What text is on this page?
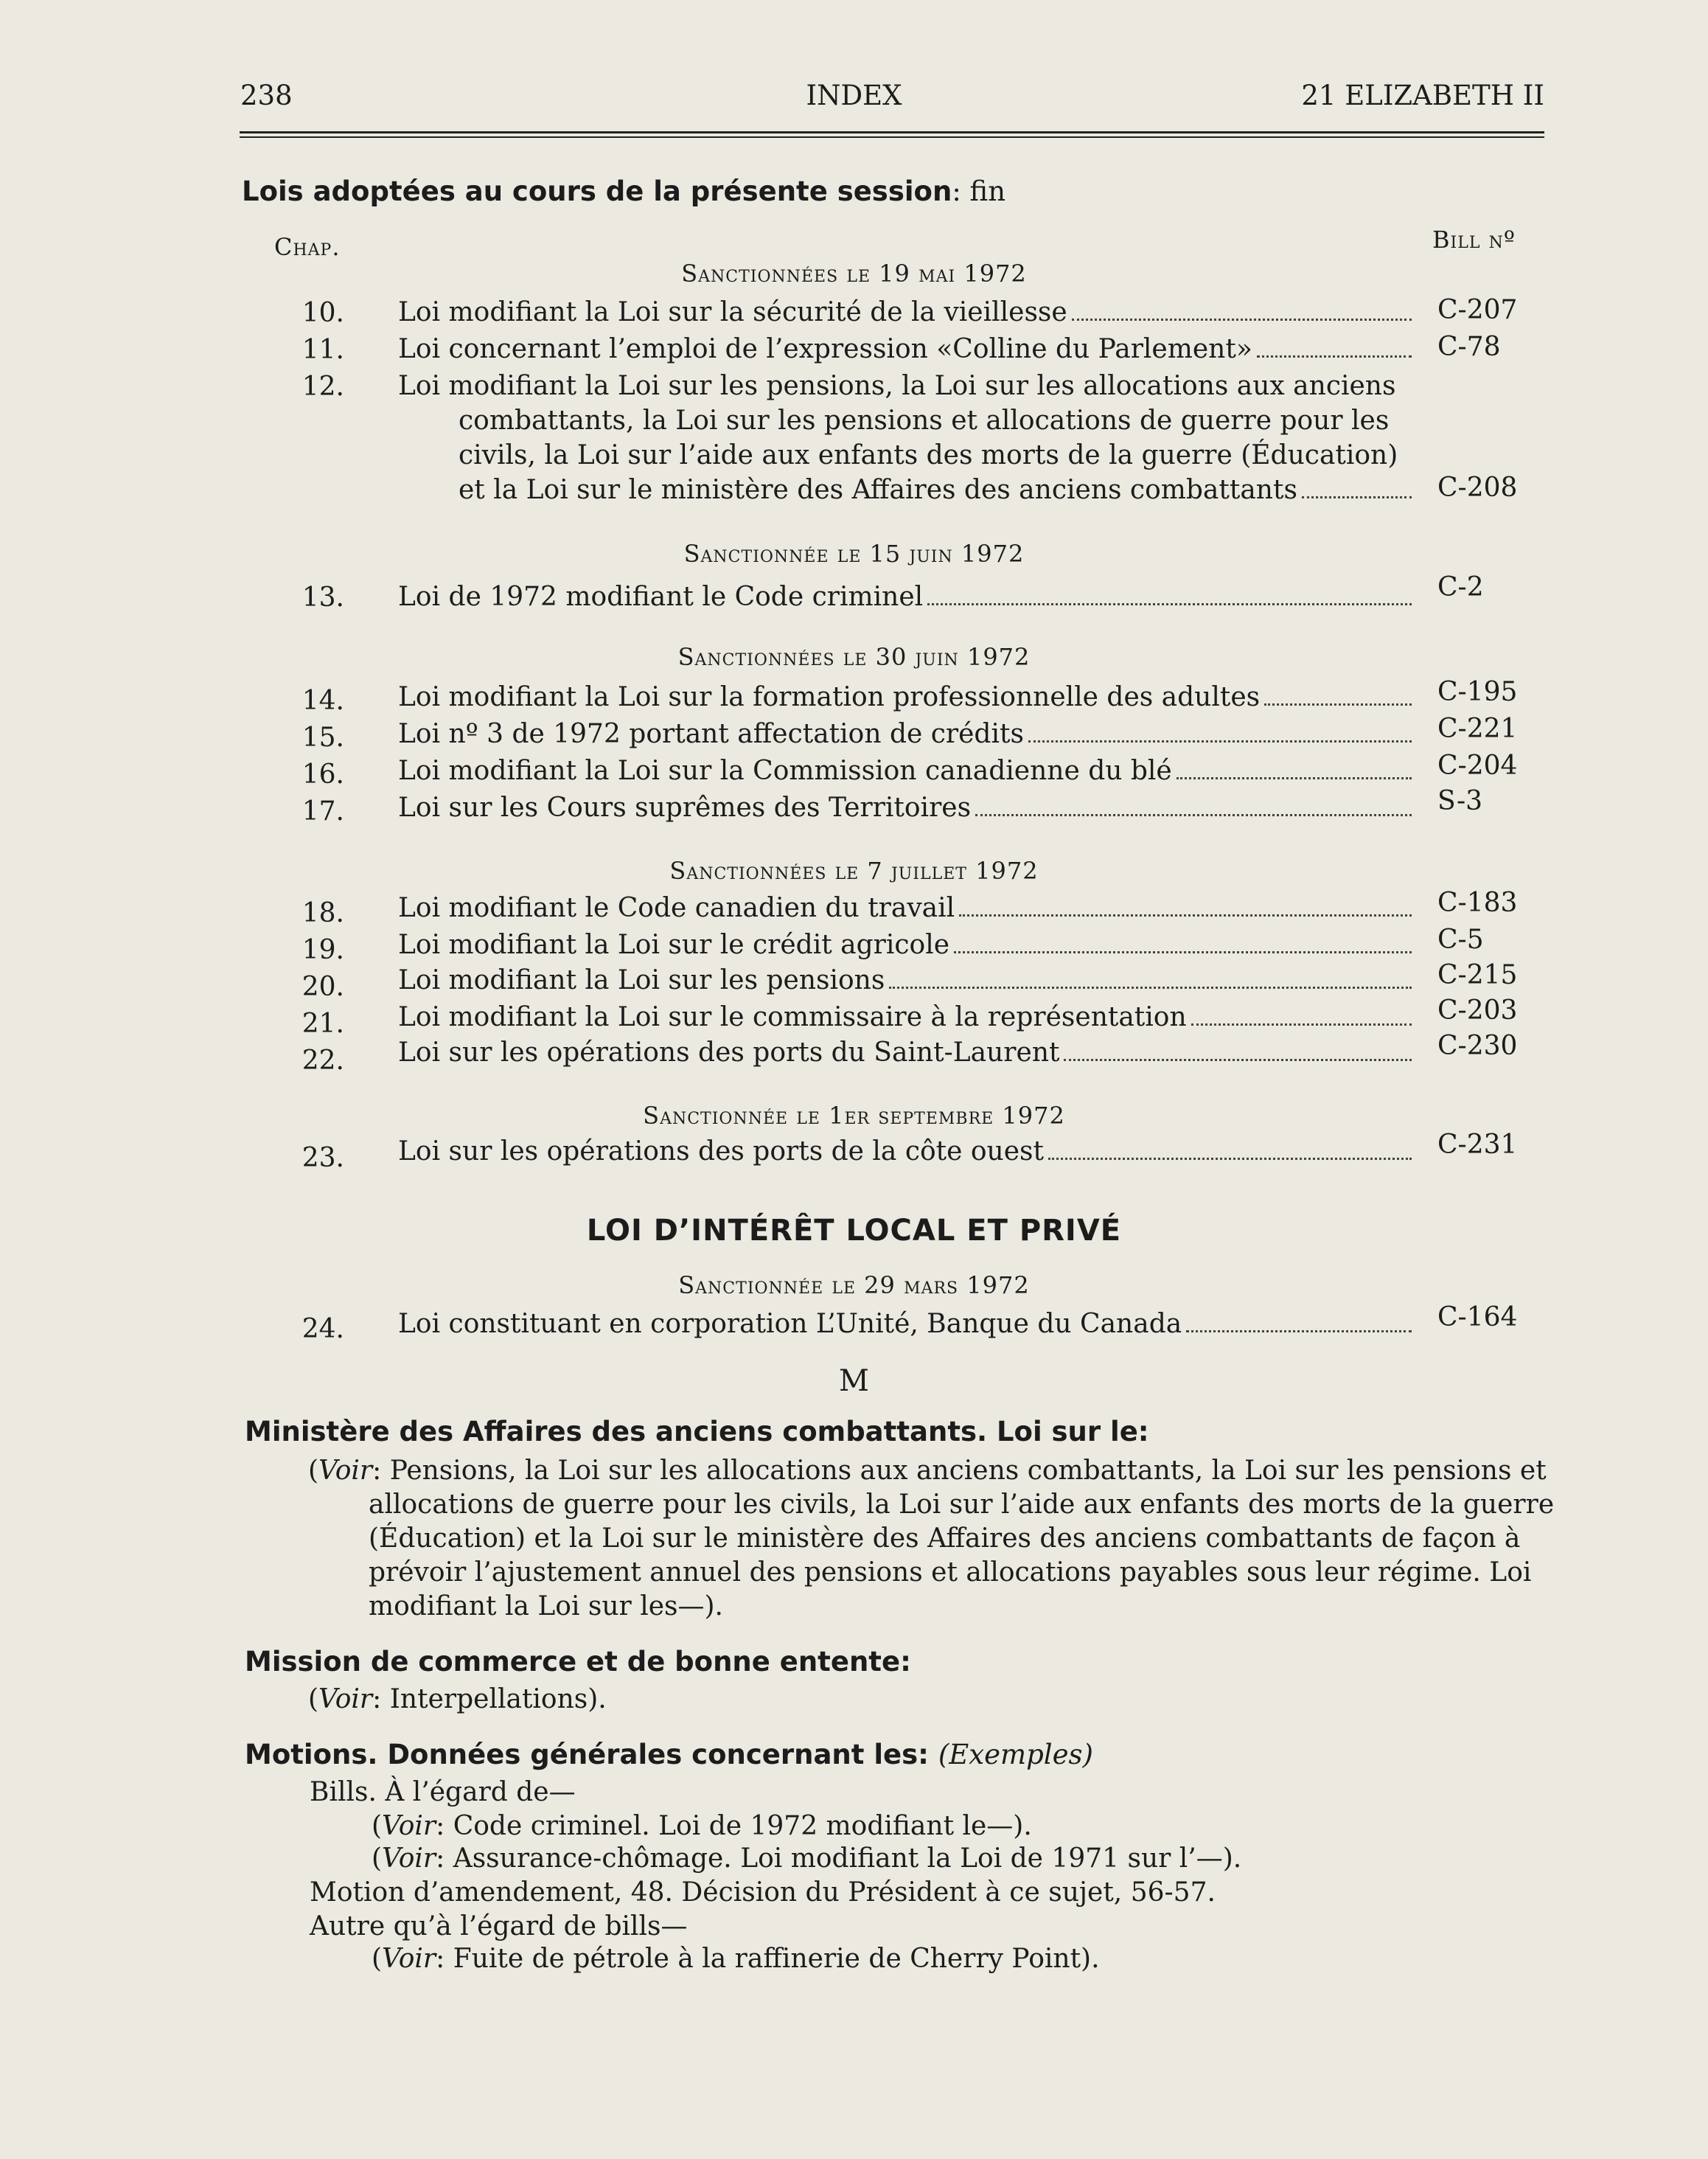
238	INDEX	21 ELIZABETH II
Lois adoptées au cours de la présente session: fin
Chap.	Bill nº
Sanctionnées le 19 mai 1972
Sanctionnée le 15 juin 1972
Sanctionnées le 30 juin 1972
Sanctionnées le 7 juillet 1972
Sanctionnée le 1er septembre 1972
10. Loi modifiant la Loi sur la sécurité de la vieillesse	C-207
11. Loi concernant l’emploi de l’expression «Colline du Parlement»	C-78
12. Loi modifiant la Loi sur les pensions, la Loi sur les allocations aux anciens
combattants, la Loi sur les pensions et allocations de guerre pour les
civils, la Loi sur l’aide aux enfants des morts de la guerre (Éducation)
et la Loi sur le ministère des Affaires des anciens combattants	C-208
13. Loi de 1972 modifiant le Code criminel	C-2
14. Loi modifiant la Loi sur la formation professionnelle des adultes	C-195
15. Loi nº 3 de 1972 portant affectation de crédits	C-221
16. Loi modifiant la Loi sur la Commission canadienne du blé	C-204
17. Loi sur les Cours suprêmes des Territoires	S-3
18. Loi modifiant le Code canadien du travail	C-183
19. Loi modifiant la Loi sur le crédit agricole	C-5
20. Loi modifiant la Loi sur les pensions	C-215
21. Loi modifiant la Loi sur le commissaire à la représentation	C-203
22. Loi sur les opérations des ports du Saint-Laurent	C-230
23. Loi sur les opérations des ports de la côte ouest	C-231
LOI D’INTÉRÊT LOCAL ET PRIVÉ
Sanctionnée le 29 mars 1972
24. Loi constituant en corporation L’Unité, Banque du Canada	C-164
M
Ministère des Affaires des anciens combattants. Loi sur le:
(Voir: Pensions, la Loi sur les allocations aux anciens combattants, la Loi sur les pensions et
allocations de guerre pour les civils, la Loi sur l’aide aux enfants des morts de la guerre
(Éducation) et la Loi sur le ministère des Affaires des anciens combattants de façon à
prévoir l’ajustement annuel des pensions et allocations payables sous leur régime. Loi
modifiant la Loi sur les—).
Mission de commerce et de bonne entente:
(Voir: Interpellations).
Motions. Données générales concernant les: (Exemples)
Bills. À l’égard de—
(Voir: Code criminel. Loi de 1972 modifiant le—).
(Voir: Assurance-chômage. Loi modifiant la Loi de 1971 sur l’—).
Motion d’amendement, 48. Décision du Président à ce sujet, 56-57.
Autre qu’à l’égard de bills—
(Voir: Fuite de pétrole à la raffinerie de Cherry Point).
